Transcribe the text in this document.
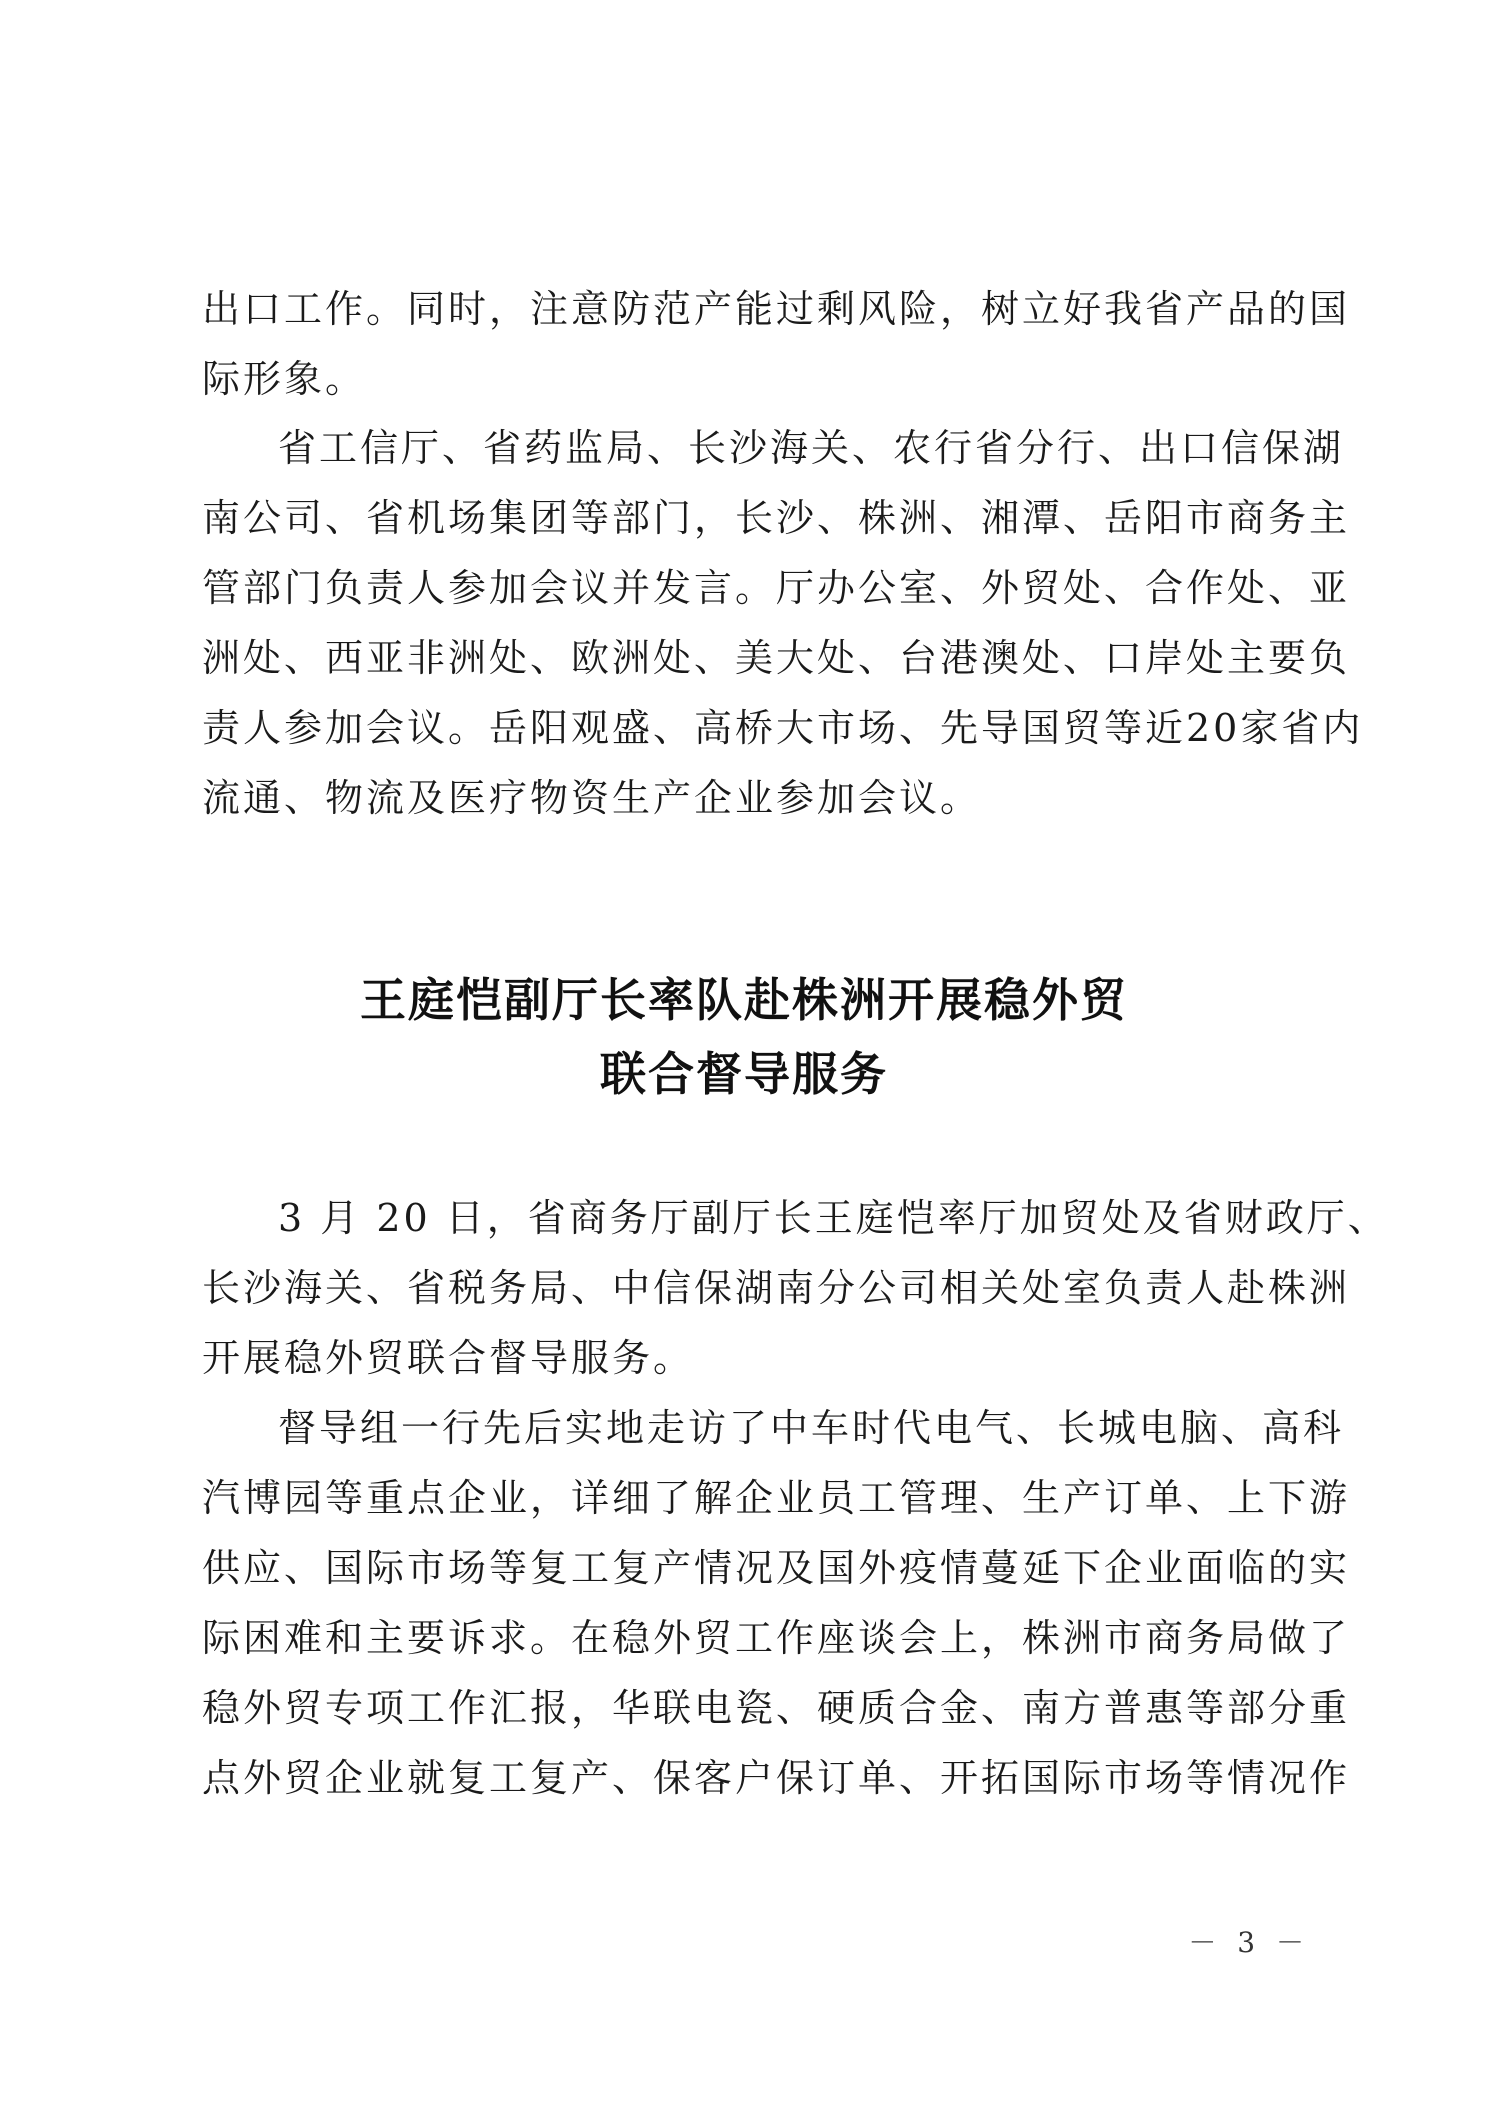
出口工作。同时，注意防范产能过剩风险，树立好我省产品的国
际形象。
省工信厅、省药监局、长沙海关、农行省分行、出口信保湖
南公司、省机场集团等部门，长沙、株洲、湘潭、岳阳市商务主
管部门负责人参加会议并发言。厅办公室、外贸处、合作处、亚
洲处、西亚非洲处、欧洲处、美大处、台港澳处、口岸处主要负
责人参加会议。岳阳观盛、高桥大市场、先导国贸等近20家省内
流通、物流及医疗物资生产企业参加会议。
王庭恺副厅长率队赴株洲开展稳外贸
联合督导服务
3 月 20 日，省商务厅副厅长王庭恺率厅加贸处及省财政厅、
长沙海关、省税务局、中信保湖南分公司相关处室负责人赴株洲
开展稳外贸联合督导服务。
督导组一行先后实地走访了中车时代电气、长城电脑、高科
汽博园等重点企业，详细了解企业员工管理、生产订单、上下游
供应、国际市场等复工复产情况及国外疫情蔓延下企业面临的实
际困难和主要诉求。在稳外贸工作座谈会上，株洲市商务局做了
稳外贸专项工作汇报，华联电瓷、硬质合金、南方普惠等部分重
点外贸企业就复工复产、保客户保订单、开拓国际市场等情况作
－ 3 －
